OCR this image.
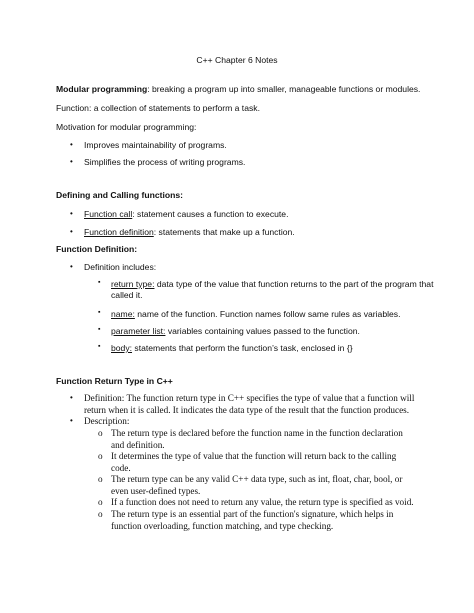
C++ Chapter 6 Notes
Modular programming: breaking a program up into smaller, manageable functions or modules.
Function: a collection of statements to perform a task.
Motivation for modular programming:
• Improves maintainability of programs.
• Simplifies the process of writing programs.
Defining and Calling functions:
• Function call: statement causes a function to execute.
• Function definition: statements that make up a function.
Function Definition:
• Definition includes:
▪ return type: data type of the value that function returns to the part of the program that
called it.
▪ name: name of the function. Function names follow same rules as variables.
▪ parameter list: variables containing values passed to the function.
▪ body: statements that perform the function’s task, enclosed in {}
Function Return Type in C++
• Definition: The function return type in C++ specifies the type of value that a function will
return when it is called. It indicates the data type of the result that the function produces.
• Description:
o The return type is declared before the function name in the function declaration
and definition.
o It determines the type of value that the function will return back to the calling
code.
o The return type can be any valid C++ data type, such as int, float, char, bool, or
even user-defined types.
o If a function does not need to return any value, the return type is specified as void.
o The return type is an essential part of the function's signature, which helps in
function overloading, function matching, and type checking.
